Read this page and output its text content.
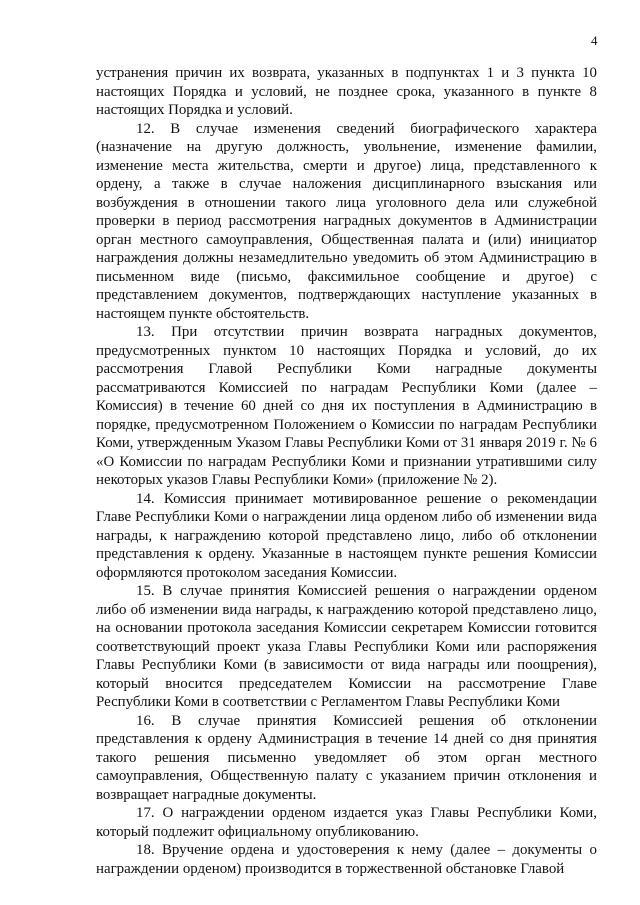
4

устранения причин их возврата, указанных в подпунктах 1 и 3 пункта 10 настоящих Порядка и условий, не позднее срока, указанного в пункте 8 настоящих Порядка и условий.

12. В случае изменения сведений биографического характера (назначение на другую должность, увольнение, изменение фамилии, изменение места жительства, смерти и другое) лица, представленного к ордену, а также в случае наложения дисциплинарного взыскания или возбуждения в отношении такого лица уголовного дела или служебной проверки в период рассмотрения наградных документов в Администрации орган местного самоуправления, Общественная палата и (или) инициатор награждения должны незамедлительно уведомить об этом Администрацию в письменном виде (письмо, факсимильное сообщение и другое) с представлением документов, подтверждающих наступление указанных в настоящем пункте обстоятельств.

13. При отсутствии причин возврата наградных документов, предусмотренных пунктом 10 настоящих Порядка и условий, до их рассмотрения Главой Республики Коми наградные документы рассматриваются Комиссией по наградам Республики Коми (далее – Комиссия) в течение 60 дней со дня их поступления в Администрацию в порядке, предусмотренном Положением о Комиссии по наградам Республики Коми, утвержденным Указом Главы Республики Коми от 31 января 2019 г. № 6 «О Комиссии по наградам Республики Коми и признании утратившими силу некоторых указов Главы Республики Коми» (приложение № 2).

14. Комиссия принимает мотивированное решение о рекомендации Главе Республики Коми о награждении лица орденом либо об изменении вида награды, к награждению которой представлено лицо, либо об отклонении представления к ордену. Указанные в настоящем пункте решения Комиссии оформляются протоколом заседания Комиссии.

15. В случае принятия Комиссией решения о награждении орденом либо об изменении вида награды, к награждению которой представлено лицо, на основании протокола заседания Комиссии секретарем Комиссии готовится соответствующий проект указа Главы Республики Коми или распоряжения Главы Республики Коми (в зависимости от вида награды или поощрения), который вносится председателем Комиссии на рассмотрение Главе Республики Коми в соответствии с Регламентом Главы Республики Коми

16. В случае принятия Комиссией решения об отклонении представления к ордену Администрация в течение 14 дней со дня принятия такого решения письменно уведомляет об этом орган местного самоуправления, Общественную палату с указанием причин отклонения и возвращает наградные документы.

17. О награждении орденом издается указ Главы Республики Коми, который подлежит официальному опубликованию.

18. Вручение ордена и удостоверения к нему (далее – документы о награждении орденом) производится в торжественной обстановке Главой
